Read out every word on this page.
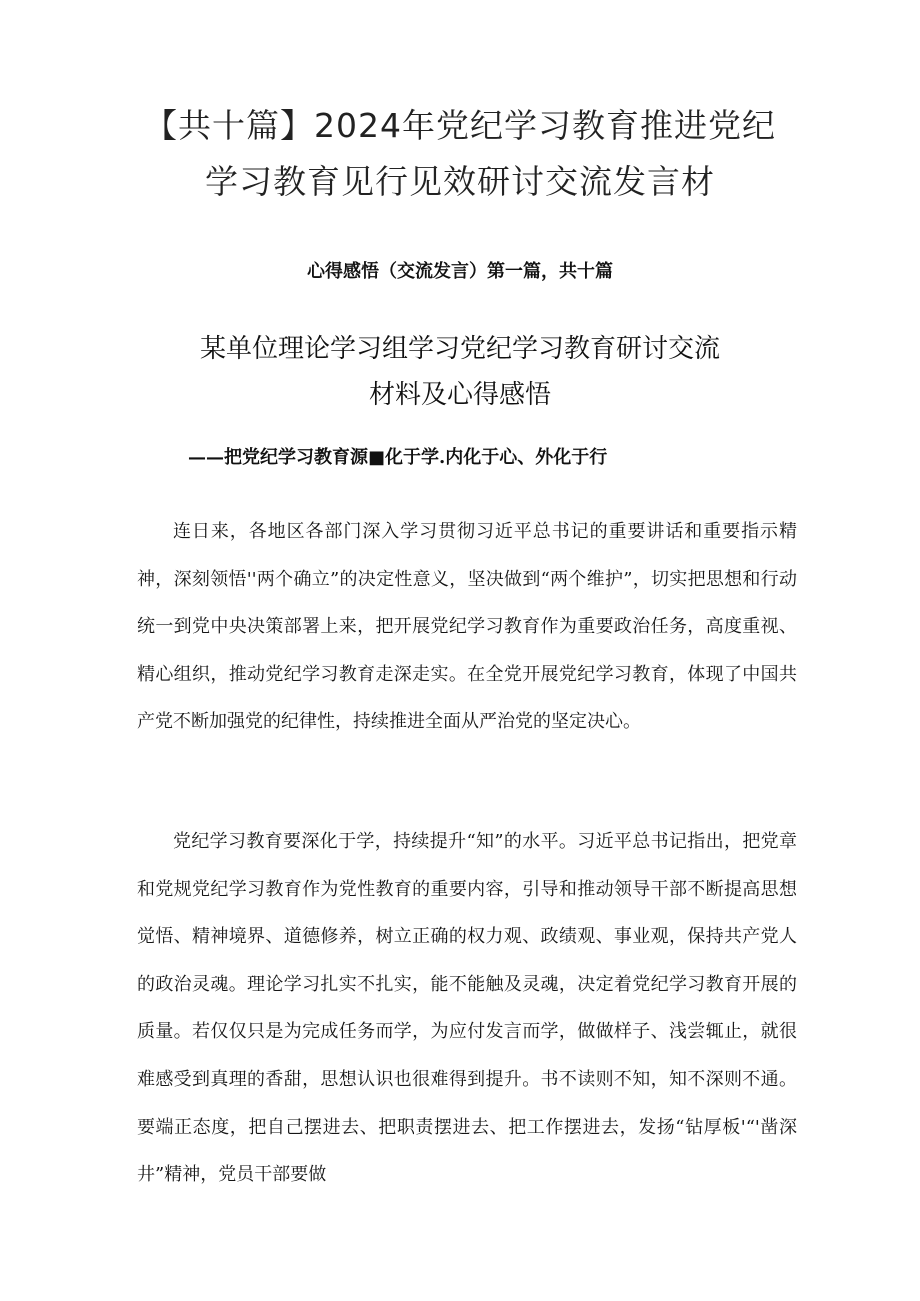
【共十篇】2024年党纪学习教育推进党纪
学习教育见行见效研讨交流发言材
心得感悟（交流发言）第一篇，共十篇
某单位理论学习组学习党纪学习教育研讨交流
材料及心得感悟
——把党纪学习教育源■化于学.内化于心、外化于行

连日来，各地区各部门深入学习贯彻习近平总书记的重要讲话和重要指示精神，深刻领悟''两个确立”的决定性意义，坚决做到“两个维护”，切实把思想和行动统一到党中央决策部署上来，把开展党纪学习教育作为重要政治任务，高度重视、精心组织，推动党纪学习教育走深走实。在全党开展党纪学习教育，体现了中国共产党不断加强党的纪律性，持续推进全面从严治党的坚定决心。

党纪学习教育要深化于学，持续提升“知”的水平。习近平总书记指出，把党章和党规党纪学习教育作为党性教育的重要内容，引导和推动领导干部不断提高思想觉悟、精神境界、道德修养，树立正确的权力观、政绩观、事业观，保持共产党人的政治灵魂。理论学习扎实不扎实，能不能触及灵魂，决定着党纪学习教育开展的质量。若仅仅只是为完成任务而学，为应付发言而学，做做样子、浅尝辄止，就很难感受到真理的香甜，思想认识也很难得到提升。书不读则不知，知不深则不通。要端正态度，把自己摆进去、把职责摆进去、把工作摆进去，发扬“钻厚板'“'凿深井”精神，党员干部要做
